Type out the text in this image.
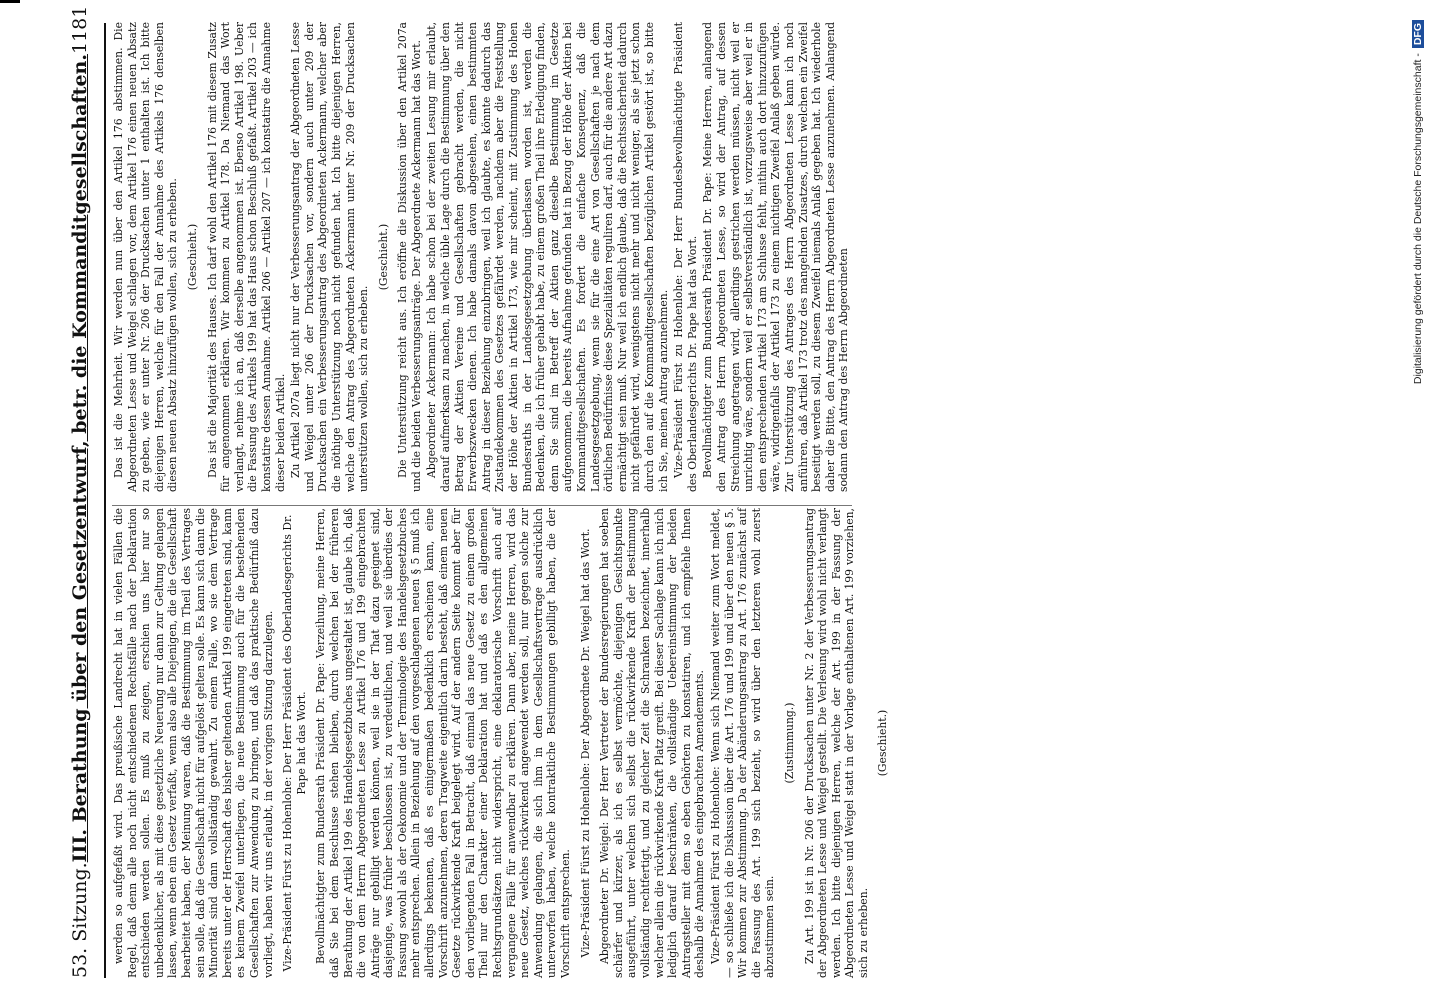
53. Sitzung.
III. Berathung über den Gesetzentwurf, betr. die Kommanditgesellschaften.
1181

werden so aufgefaßt wird. Das preußische Landrecht hat in vielen Fällen die Regel, daß denn alle noch nicht entschiedenen Rechtsfälle nach der Deklaration entschieden werden sollen. Es muß zu zeigen, erschien uns hier nur so unbedenklicher, als mit diese gesetzliche Neuerung nur dann zur Geltung gelangen lassen, wenn eben ein Gesetz verfaßt, wenn also alle Diejenigen, die die Gesellschaft bearbeitet haben, der Meinung waren, daß die Bestimmung im Theil des Vertrages sein solle, daß die Gesellschaft nicht für aufgelöst gelten solle. Es kann sich dann die Minorität sind dann vollständig gewahrt. Zu einem Falle, wo sie dem Vertrage bereits unter der Herrschaft des bisher geltenden Artikel 199 eingetreten sind, kann es keinem Zweifel unterliegen, die neue Bestimmung auch für die bestehenden Gesellschaften zur Anwendung zu bringen, und daß das praktische Bedürfniß dazu vorliegt, haben wir uns erlaubt, in der vorigen Sitzung darzulegen. Vize-Präsident Fürst zu Hohenlohe: Der Herr Präsident des Oberlandesgerichts Dr. Pape hat das Wort. Bevollmächtigter zum Bundesrath Präsident Dr. Pape: Verzeihung, meine Herren, daß Sie bei dem Beschlusse stehen bleiben, durch welchen bei der früheren Berathung der Artikel 199 des Handelsgesetzbuches ungestaltet ist, glaube ich, daß die von dem Herrn Abgeordneten Lesse zu Artikel 176 und 199 eingebrachten Anträge nur gebilligt werden können, weil sie in der That dazu geeignet sind, dasjenige, was früher beschlossen ist, zu verdeutlichen, und weil sie überdies der Fassung sowohl als der Oekonomie und der Terminologie des Handelsgesetzbuches mehr entsprechen. Allein in Beziehung auf den vorgeschlagenen neuen § 5 muß ich allerdings bekennen, daß es einigermaßen bedenklich erscheinen kann, eine Vorschrift anzunehmen, deren Tragweite eigentlich darin besteht, daß einem neuen Gesetze rückwirkende Kraft beigelegt wird. Auf der andern Seite kommt aber für den vorliegenden Fall in Betracht, daß einmal das neue Gesetz zu einem großen Theil nur den Charakter einer Deklaration hat und daß es den allgemeinen Rechtsgrundsätzen nicht widerspricht, eine deklaratorische Vorschrift auch auf vergangene Fälle für anwendbar zu erklären. Dann aber, meine Herren, wird das neue Gesetz, welches rückwirkend angewendet werden soll, nur gegen solche zur Anwendung gelangen, die sich ihm in dem Gesellschaftsvertrage ausdrücklich unterworfen haben, welche kontraktliche Bestimmungen gebilligt haben, die der Vorschrift entsprechen. Vize-Präsident Fürst zu Hohenlohe: Der Abgeordnete Dr. Weigel hat das Wort. Abgeordneter Dr. Weigel: Der Herr Vertreter der Bundesregierungen hat soeben schärfer und kürzer, als ich es selbst vermöchte, diejenigen Gesichtspunkte ausgeführt, unter welchen sich selbst die rückwirkende Kraft der Bestimmung vollständig rechtfertigt, und zu gleicher Zeit die Schranken bezeichnet, innerhalb welcher allein die rückwirkende Kraft Platz greift. Bei dieser Sachlage kann ich mich lediglich darauf beschränken, die vollständige Uebereinstimmung der beiden Antragsteller mit dem so eben Gehörten zu konstatiren, und ich empfehle Ihnen deshalb die Annahme des eingebrachten Amendements. Vize-Präsident Fürst zu Hohenlohe: Wenn sich Niemand weiter zum Wort meldet, — so schließe ich die Diskussion über die Art. 176 und 199 und über den neuen § 5. Wir kommen zur Abstimmung. Da der Abänderungsantrag zu Art. 176 zunächst auf die Fassung des Art. 199 sich bezieht, so wird über den letzteren wohl zuerst abzustimmen sein.

(Zustimmung.) Zu Art. 199 ist in Nr. 206 der Drucksachen unter Nr. 2 der Verbesserungsantrag der Abgeordneten Lesse und Weigel gestellt. Die Verlesung wird wohl nicht verlangt werden. Ich bitte diejenigen Herren, welche der Art. 199 in der Fassung der Abgeordneten Lesse und Weigel statt in der Vorlage enthaltenen Art. 199 vorziehen, sich zu erheben.

(Geschieht.)

Das ist die Mehrheit. Wir werden nun über den Artikel 176 abstimmen. Die Abgeordneten Lesse und Weigel schlagen vor, dem Artikel 176 einen neuen Absatz zu geben, wie er unter Nr. 206 der Drucksachen unter 1 enthalten ist. Ich bitte diejenigen Herren, welche für den Fall der Annahme des Artikels 176 denselben diesen neuen Absatz hinzufügen wollen, sich zu erheben. (Geschieht.) Das ist die Majorität des Hauses. Ich darf wohl den Artikel 176 mit diesem Zusatz für angenommen erklären. Wir kommen zu Artikel 178. Da Niemand das Wort verlangt, nehme ich an, daß derselbe angenommen ist. Ebenso Artikel 198. Ueber die Fassung des Artikels 199 hat das Haus schon Beschluß gefaßt. Artikel 203 — ich konstatire dessen Annahme. Artikel 206 — Artikel 207 — ich konstatire die Annahme dieser beiden Artikel. Zu Artikel 207a liegt nicht nur der Verbesserungsantrag der Abgeordneten Lesse und Weigel unter 206 der Drucksachen vor, sondern auch unter 209 der Drucksachen ein Verbesserungsantrag des Abgeordneten Ackermann, welcher aber die nöthige Unterstützung noch nicht gefunden hat. Ich bitte diejenigen Herren, welche den Antrag des Abgeordneten Ackermann unter Nr. 209 der Drucksachen unterstützen wollen, sich zu erheben.

(Geschieht.) Die Unterstützung reicht aus. Ich eröffne die Diskussion über den Artikel 207a und die beiden Verbesserungsanträge. Der Abgeordnete Ackermann hat das Wort. Abgeordneter Ackermann: Ich habe schon bei der zweiten Lesung mir erlaubt, darauf aufmerksam zu machen, in welche üble Lage durch die Bestimmung über den Betrag der Aktien Vereine und Gesellschaften gebracht werden, die nicht Erwerbszwecken dienen. Ich habe damals davon abgesehen, einen bestimmten Antrag in dieser Beziehung einzubringen, weil ich glaubte, es könnte dadurch das Zustandekommen des Gesetzes gefährdet werden, nachdem aber die Feststellung der Höhe der Aktien in Artikel 173, wie mir scheint, mit Zustimmung des Hohen Bundesraths in der Landesgesetzgebung überlassen worden ist, werden die Bedenken, die ich früher gehabt habe, zu einem großen Theil ihre Erledigung finden, denn Sie sind im Betreff der Aktien ganz dieselbe Bestimmung im Gesetze aufgenommen, die bereits Aufnahme gefunden hat in Bezug der Höhe der Aktien bei Kommanditgesellschaften. Es fordert die einfache Konsequenz, daß die Landesgesetzgebung, wenn sie für die eine Art von Gesellschaften je nach dem örtlichen Bedürfnisse diese Spezialitäten reguliren darf, auch für die andere Art dazu ermächtigt sein muß. Nur weil ich endlich glaube, daß die Rechtssicherheit dadurch nicht gefährdet wird, wenigstens nicht mehr und nicht weniger, als sie jetzt schon durch den auf die Kommanditgesellschaften bezüglichen Artikel gestört ist, so bitte ich Sie, meinen Antrag anzunehmen. Vize-Präsident Fürst zu Hohenlohe: Der Herr Bundesbevollmächtigte Präsident des Oberlandesgerichts Dr. Pape hat das Wort. Bevollmächtigter zum Bundesrath Präsident Dr. Pape: Meine Herren, anlangend den Antrag des Herrn Abgeordneten Lesse, so wird der Antrag, auf dessen Streichung angetragen wird, allerdings gestrichen werden müssen, nicht weil er unrichtig wäre, sondern weil er selbstverständlich ist, vorzugsweise aber weil er in dem entsprechenden Artikel 173 am Schlusse fehlt, mithin auch dort hinzuzufügen wäre, widrigenfalls der Artikel 173 zu einem nichtigen Zweifel Anlaß geben würde. Zur Unterstützung des Antrages des Herrn Abgeordneten Lesse kann ich noch anführen, daß Artikel 173 trotz des mangelnden Zusatzes, durch welchen ein Zweifel beseitigt werden soll, zu diesem Zweifel niemals Anlaß gegeben hat. Ich wiederhole daher die Bitte, den Antrag des Herrn Abgeordneten Lesse anzunehmen. Anlangend sodann den Antrag des Herrn Abgeordneten	Digitalisierung gefördert durch die Deutsche Forschungsgemeinschaft -DFG
